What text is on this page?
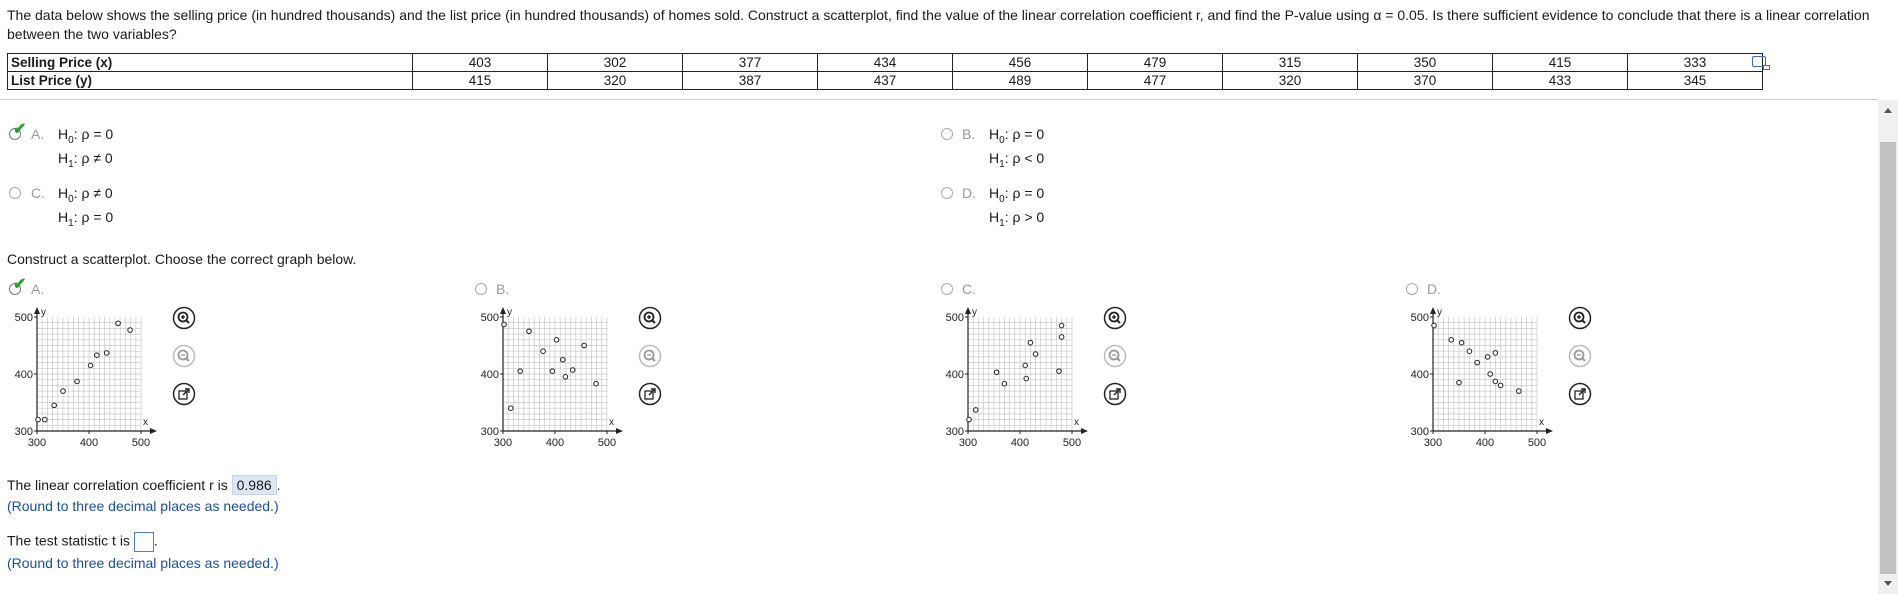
The data below shows the selling price (in hundred thousands) and the list price (in hundred thousands) of homes sold. Construct a scatterplot, find the value of the linear correlation coefficient r, and find the P-value using α = 0.05. Is there sufficient evidence to conclude that there is a linear correlation between the two variables?
Selling Price (x)	403	302	377	434	456	479	315	350	415	333
List Price (y)	415	320	387	437	489	477	320	370	433	345
✔ A. $H_0$: ρ = 0
$H_1$: ρ ≠ 0
B. $H_0$: ρ = 0
$H_1$: ρ < 0
C. $H_0$: ρ ≠ 0
$H_1$: ρ = 0
D. $H_0$: ρ = 0
$H_1$: ρ > 0
Construct a scatterplot. Choose the correct graph below.
✔ A.	B.	C.	D.
y
x
500
400
300
300	400	500
y
x
500
400
300
300	400	500
y
x
500
400
300
300	400	500
y
x
500
400
300
300	400	500
The linear correlation coefficient r is 0.986 .
(Round to three decimal places as needed.)
The test statistic t is .
(Round to three decimal places as needed.)
